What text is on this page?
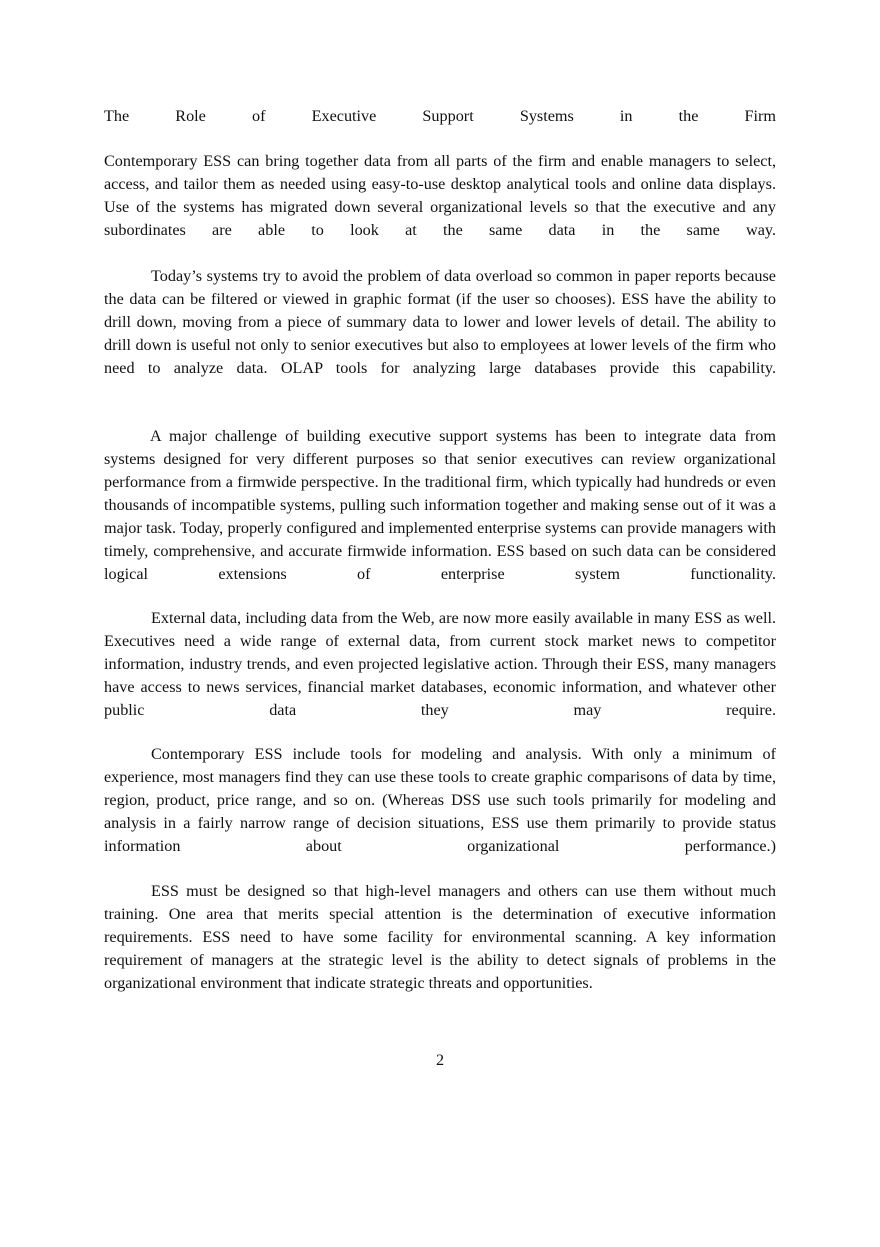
The Role of Executive Support Systems in the Firm

Contemporary ESS can bring together data from all parts of the firm and enable managers to select, access, and tailor them as needed using easy-to-use desktop analytical tools and online data displays. Use of the systems has migrated down several organizational levels so that the executive and any subordinates are able to look at the same data in the same way.

Today’s systems try to avoid the problem of data overload so common in paper reports because the data can be filtered or viewed in graphic format (if the user so chooses). ESS have the ability to drill down, moving from a piece of summary data to lower and lower levels of detail. The ability to drill down is useful not only to senior executives but also to employees at lower levels of the firm who need to analyze data. OLAP tools for analyzing large databases provide this capability.

A major challenge of building executive support systems has been to integrate data from systems designed for very different purposes so that senior executives can review organizational performance from a firmwide perspective. In the traditional firm, which typically had hundreds or even thousands of incompatible systems, pulling such information together and making sense out of it was a major task. Today, properly configured and implemented enterprise systems can provide managers with timely, comprehensive, and accurate firmwide information. ESS based on such data can be considered logical extensions of enterprise system functionality.

External data, including data from the Web, are now more easily available in many ESS as well. Executives need a wide range of external data, from current stock market news to competitor information, industry trends, and even projected legislative action. Through their ESS, many managers have access to news services, financial market databases, economic information, and whatever other public data they may require.

Contemporary ESS include tools for modeling and analysis. With only a minimum of experience, most managers find they can use these tools to create graphic comparisons of data by time, region, product, price range, and so on. (Whereas DSS use such tools primarily for modeling and analysis in a fairly narrow range of decision situations, ESS use them primarily to provide status information about organizational performance.)

ESS must be designed so that high-level managers and others can use them without much training. One area that merits special attention is the determination of executive information requirements. ESS need to have some facility for environmental scanning. A key information requirement of managers at the strategic level is the ability to detect signals of problems in the organizational environment that indicate strategic threats and opportunities.

2
